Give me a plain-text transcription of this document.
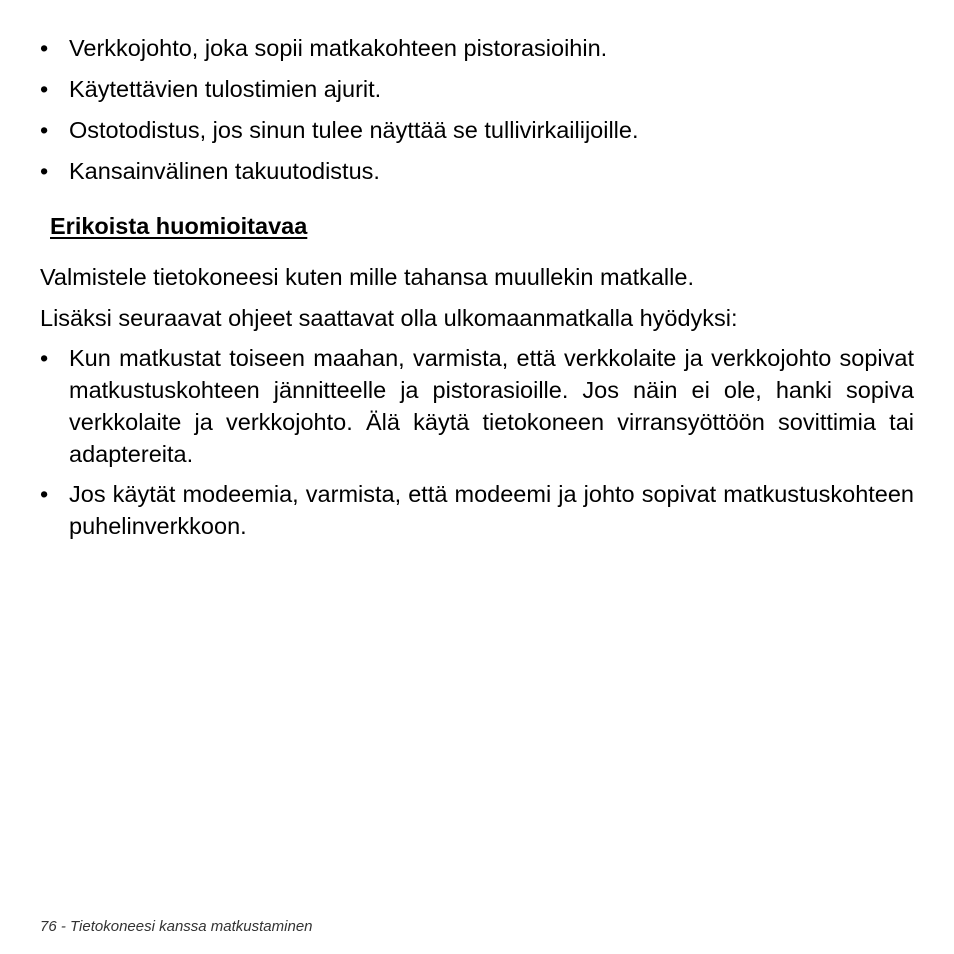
• Verkkojohto, joka sopii matkakohteen pistorasioihin.
• Käytettävien tulostimien ajurit.
• Ostotodistus, jos sinun tulee näyttää se tullivirkailijoille.
• Kansainvälinen takuutodistus.
Erikoista huomioitavaa
Valmistele tietokoneesi kuten mille tahansa muullekin matkalle.
Lisäksi seuraavat ohjeet saattavat olla ulkomaanmatkalla hyödyksi:
• Kun matkustat toiseen maahan, varmista, että verkkolaite ja verkkojohto sopivat matkustuskohteen jännitteelle ja pistorasioille. Jos näin ei ole, hanki sopiva verkkolaite ja verkkojohto. Älä käytä tietokoneen virransyöttöön sovittimia tai adaptereita.
• Jos käytät modeemia, varmista, että modeemi ja johto sopivat matkustuskohteen puhelinverkkoon.
76 - Tietokoneesi kanssa matkustaminen
